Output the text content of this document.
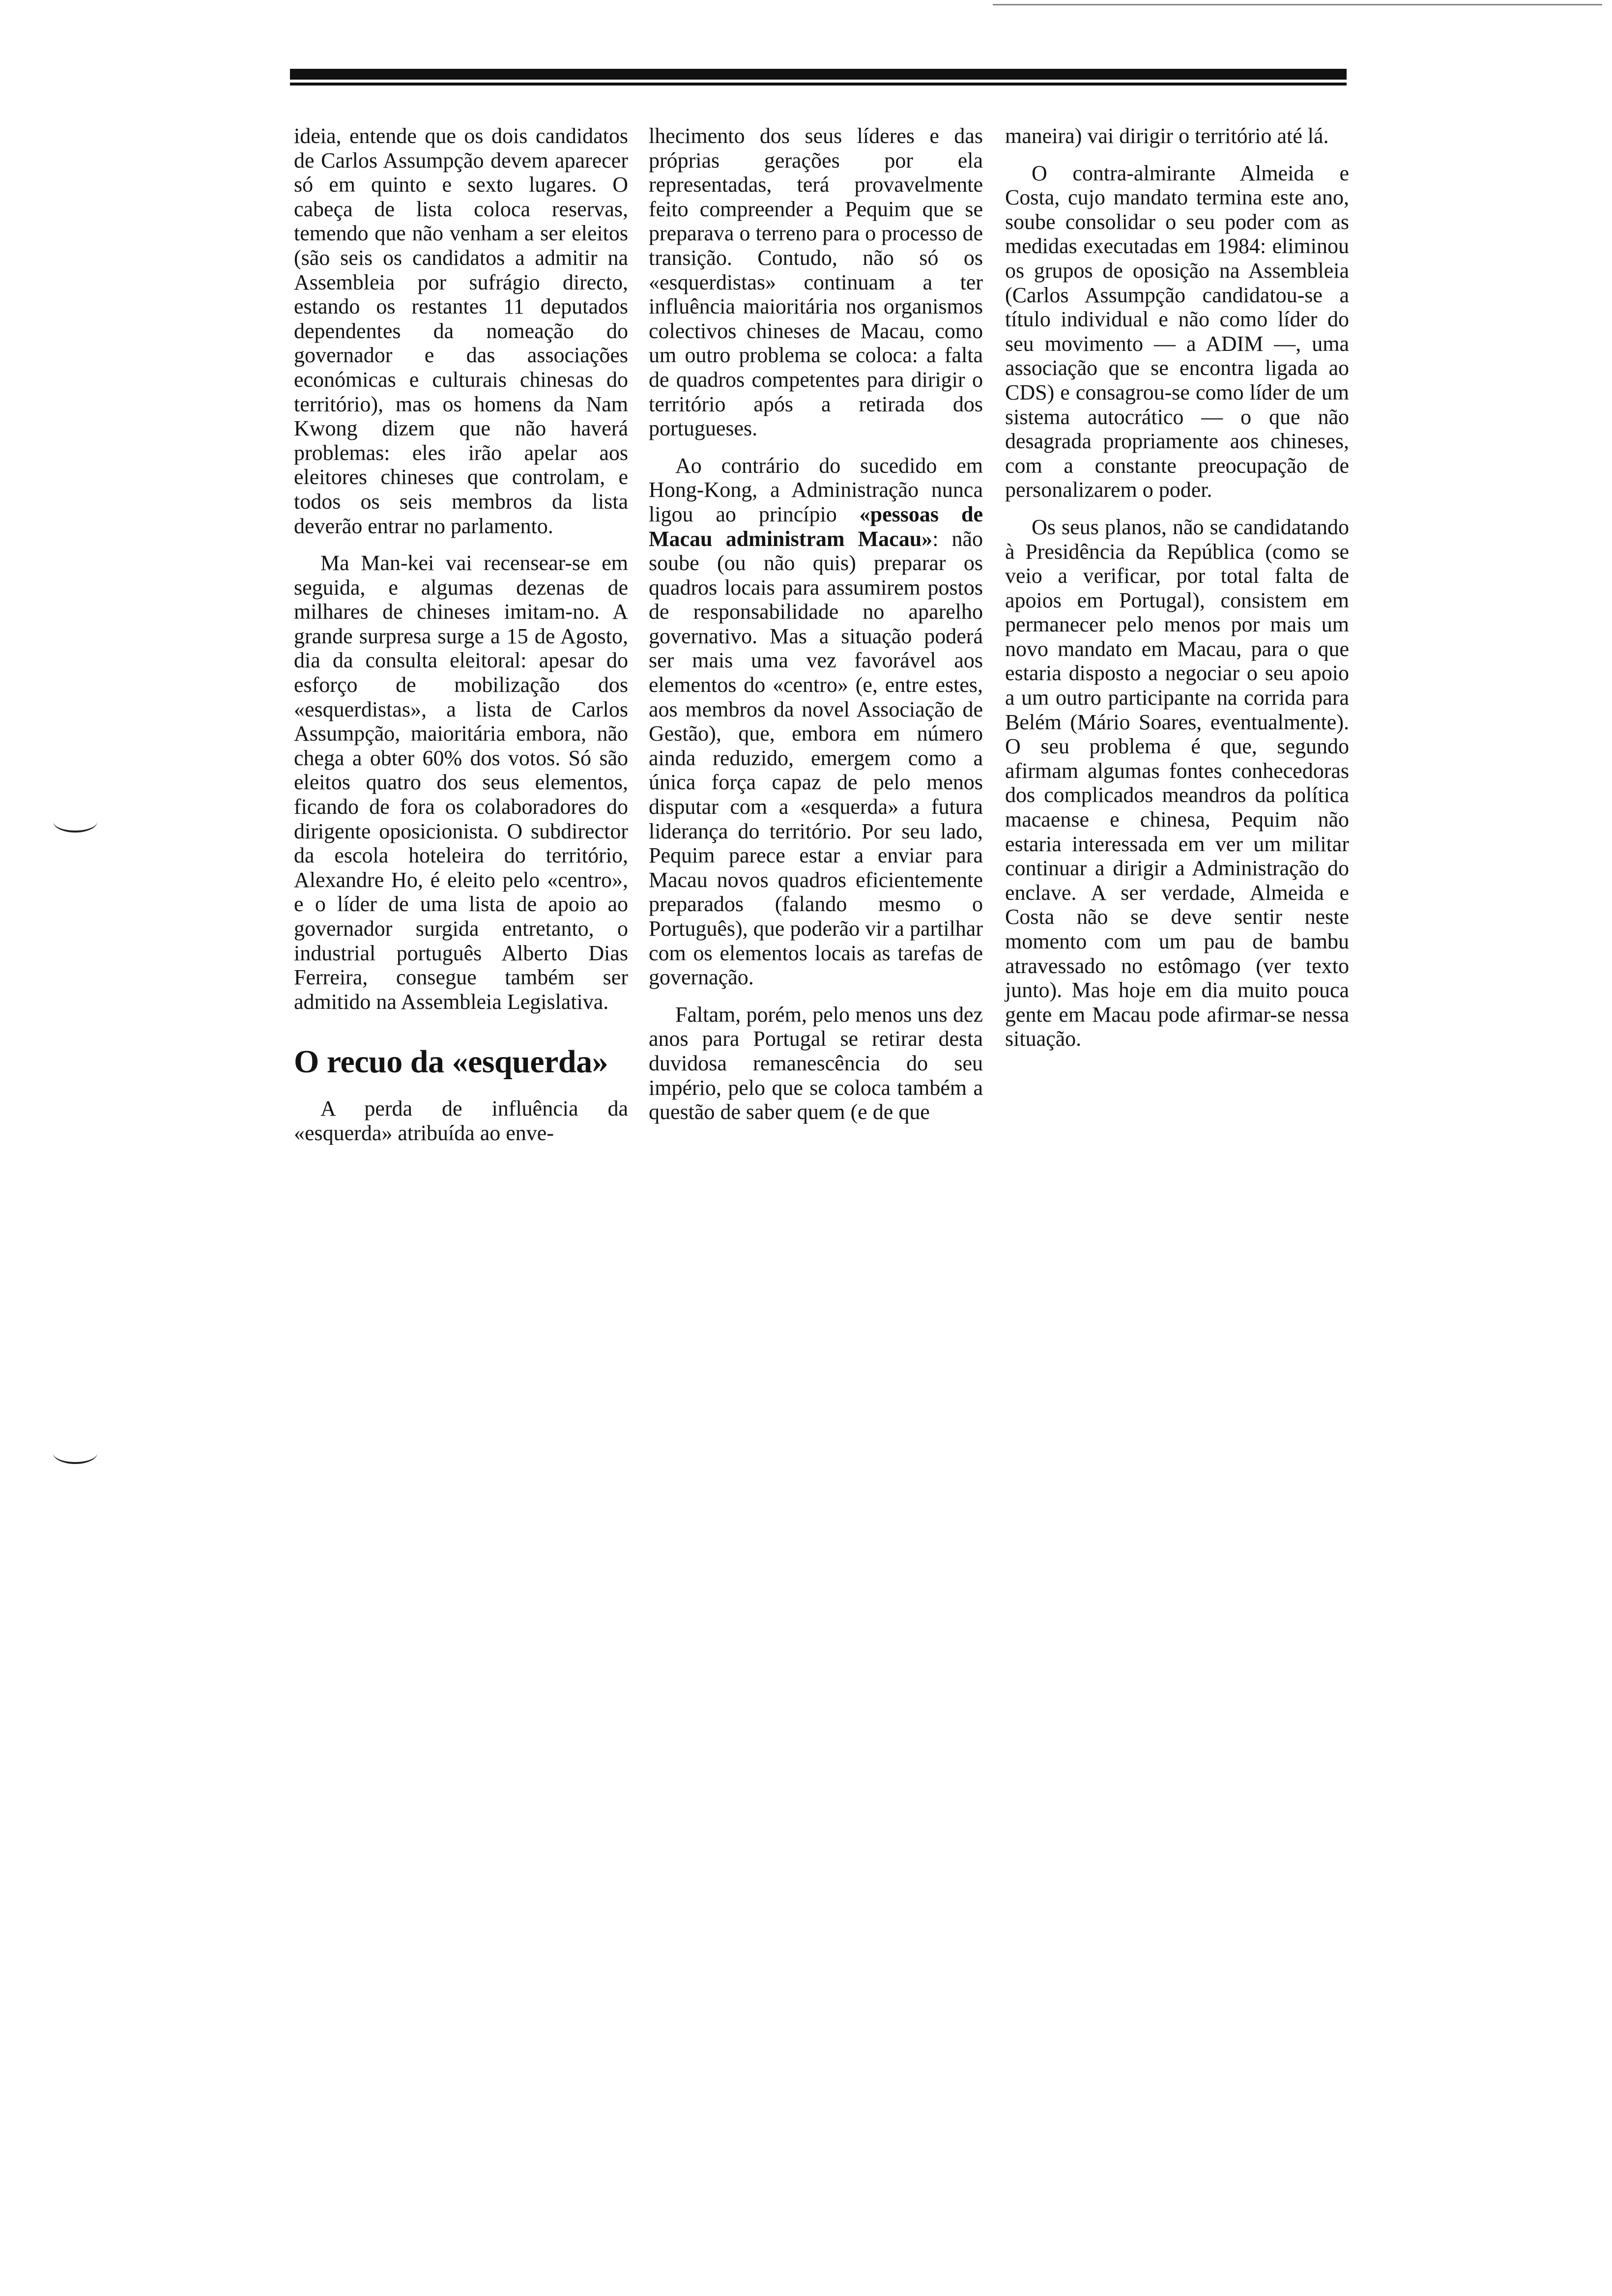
ideia, entende que os dois candidatos de Carlos Assumpção devem aparecer só em quinto e sexto lugares. O cabeça de lista coloca reservas, temendo que não venham a ser eleitos (são seis os candidatos a admitir na Assembleia por sufrágio directo, estando os restantes 11 deputados dependentes da nomeação do governador e das associações económicas e culturais chinesas do território), mas os homens da Nam Kwong dizem que não haverá problemas: eles irão apelar aos eleitores chineses que controlam, e todos os seis membros da lista deverão entrar no parlamento.

Ma Man-kei vai recensear-se em seguida, e algumas dezenas de milhares de chineses imitam-no. A grande surpresa surge a 15 de Agosto, dia da consulta eleitoral: apesar do esforço de mobilização dos «esquerdistas», a lista de Carlos Assumpção, maioritária embora, não chega a obter 60% dos votos. Só são eleitos quatro dos seus elementos, ficando de fora os colaboradores do dirigente oposicionista. O subdirector da escola hoteleira do território, Alexandre Ho, é eleito pelo «centro», e o líder de uma lista de apoio ao governador surgida entretanto, o industrial português Alberto Dias Ferreira, consegue também ser admitido na Assembleia Legislativa.

O recuo da «esquerda»

A perda de influência da «esquerda» atribuída ao enve-

lhecimento dos seus líderes e das próprias gerações por ela representadas, terá provavelmente feito compreender a Pequim que se preparava o terreno para o processo de transição. Contudo, não só os «esquerdistas» continuam a ter influência maioritária nos organismos colectivos chineses de Macau, como um outro problema se coloca: a falta de quadros competentes para dirigir o território após a retirada dos portugueses.

Ao contrário do sucedido em Hong-Kong, a Administração nunca ligou ao princípio «pessoas de Macau administram Macau»: não soube (ou não quis) preparar os quadros locais para assumirem postos de responsabilidade no aparelho governativo. Mas a situação poderá ser mais uma vez favorável aos elementos do «centro» (e, entre estes, aos membros da novel Associação de Gestão), que, embora em número ainda reduzido, emergem como a única força capaz de pelo menos disputar com a «esquerda» a futura liderança do território. Por seu lado, Pequim parece estar a enviar para Macau novos quadros eficientemente preparados (falando mesmo o Português), que poderão vir a partilhar com os elementos locais as tarefas de governação.

Faltam, porém, pelo menos uns dez anos para Portugal se retirar desta duvidosa remanescência do seu império, pelo que se coloca também a questão de saber quem (e de que

maneira) vai dirigir o território até lá.

O contra-almirante Almeida e Costa, cujo mandato termina este ano, soube consolidar o seu poder com as medidas executadas em 1984: eliminou os grupos de oposição na Assembleia (Carlos Assumpção candidatou-se a título individual e não como líder do seu movimento — a ADIM —, uma associação que se encontra ligada ao CDS) e consagrou-se como líder de um sistema autocrático — o que não desagrada propriamente aos chineses, com a constante preocupação de personalizarem o poder.

Os seus planos, não se candidatando à Presidência da República (como se veio a verificar, por total falta de apoios em Portugal), consistem em permanecer pelo menos por mais um novo mandato em Macau, para o que estaria disposto a negociar o seu apoio a um outro participante na corrida para Belém (Mário Soares, eventualmente). O seu problema é que, segundo afirmam algumas fontes conhecedoras dos complicados meandros da política macaense e chinesa, Pequim não estaria interessada em ver um militar continuar a dirigir a Administração do enclave. A ser verdade, Almeida e Costa não se deve sentir neste momento com um pau de bambu atravessado no estômago (ver texto junto). Mas hoje em dia muito pouca gente em Macau pode afirmar-se nessa situação.
